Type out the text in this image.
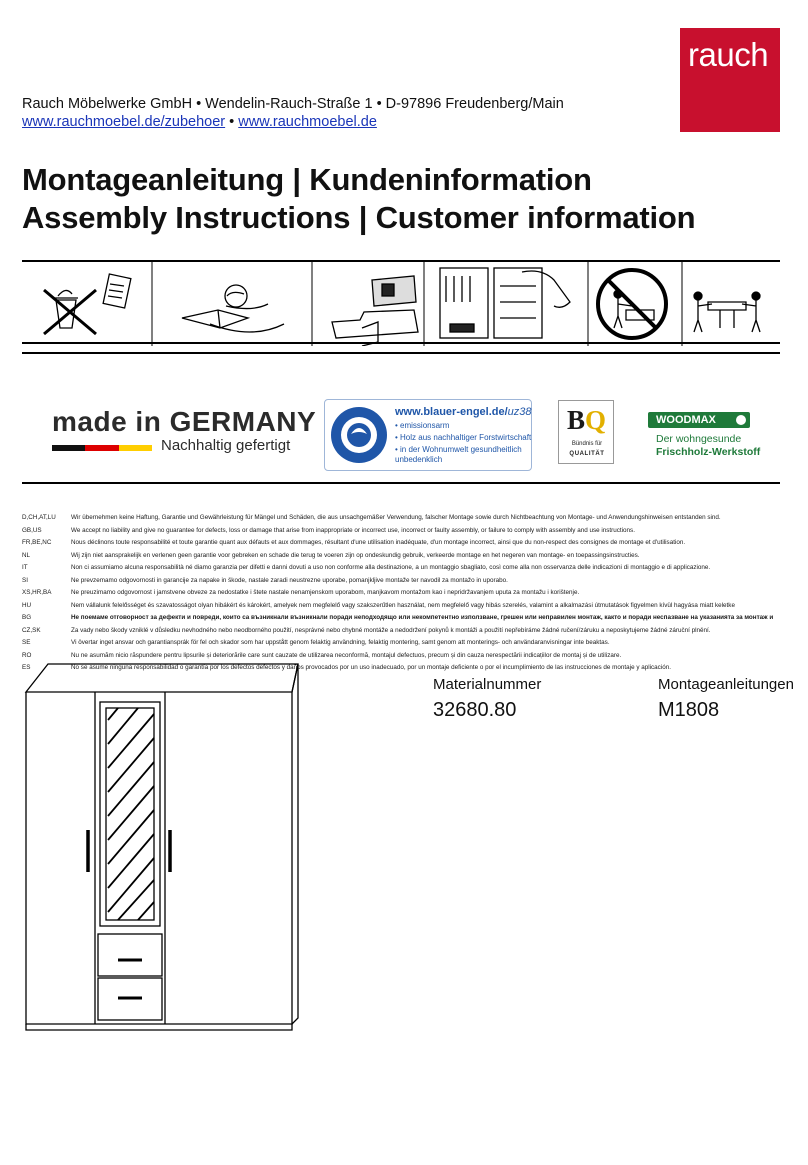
rauch
Rauch Möbelwerke GmbH • Wendelin-Rauch-Straße 1 • D-97896 Freudenberg/Main
www.rauchmoebel.de/zubehoer • www.rauchmoebel.de
Montageanleitung | Kundeninformation
Assembly Instructions | Customer information
made in GERMANY
Nachhaltig gefertigt
www.blauer-engel.de/uz38
• emissionsarm
• Holz aus nachhaltiger Forstwirtschaft
• in der Wohnumwelt gesundheitlich
unbedenklich
BQ
Bündnis für
QUALITÄT
WOODMAX
Der wohngesunde
Frischholz-Werkstoff
D,CH,AT,LU Wir übernehmen keine Haftung, Garantie und Gewährleistung für Mängel und Schäden, die aus unsachgemäßer Verwendung, falscher Montage sowie durch Nichtbeachtung von Montage- und Anwendungshinweisen entstanden sind.
GB,US	We accept no liability and give no guarantee for defects, loss or damage that arise from inappropriate or incorrect use, incorrect or faulty assembly, or failure to comply with assembly and use instructions.
FR,BE,NC	Nous déclinons toute responsabilité et toute garantie quant aux défauts et aux dommages, résultant d'une utilisation inadéquate, d'un montage incorrect, ainsi que du non-respect des consignes de montage et d'utilisation.
NL	Wij zijn niet aansprakelijk en verlenen geen garantie voor gebreken en schade die terug te voeren zijn op ondeskundig gebruik, verkeerde montage en het negeren van montage- en toepassingsinstructies.
IT	Non ci assumiamo alcuna responsabilità né diamo garanzia per difetti e danni dovuti a uso non conforme alla destinazione, a un montaggio sbagliato, così come alla non osservanza delle indicazioni di montaggio e di applicazione.
SI	Ne prevzemamo odgovornosti in garancije za napake in škode, nastale zaradi neustrezne uporabe, pomanjkljive montaže ter navodil za montažo in uporabo.
XS,HR,BA	Ne preuzimamo odgovornost i jamstvene obveze za nedostatke i štete nastale nenamjenskom uporabom, manjkavom montažom kao i nepridržavanjem uputa za montažu i korištenje.
HU	Nem vállalunk felelősséget és szavatosságot olyan hibákért és károkért, amelyek nem megfelelő vagy szakszerűtlen használat, nem megfelelő vagy hibás szerelés, valamint a alkalmazási útmutatások figyelmen kívül hagyása miatt keletke
BG	Не поемаме отговорност за дефекти и повреди, които са възникнали възникнали поради неподходящо или некомпетентно използване, грешен или неправилен монтаж, както и поради неспазване на указанията за монтаж и
CZ,SK	Za vady nebo škody vzniklé v důsledku nevhodného nebo neodborného použití, nesprávné nebo chybné montáže a nedodržení pokynů k montáži a použití nepřebíráme žádné ručení/záruku a neposkytujeme žádné záruční plnění.
SE	Vi övertar inget ansvar och garantiansprák för fel och skador som har uppstått genom felaktig användning, felaktig montering, samt genom att monterings- och användaranvisningar inte beaktas.
RO	Nu ne asumăm nicio răspundere pentru lipsurile și deteriorările care sunt cauzate de utilizarea neconformă, montajul defectuos, precum și din cauza nerespectării indicațiilor de montaj și de utilizare.
ES	No se asume ninguna responsabilidad o garantía por los defectos defectos y daños provocados por un uso inadecuado, por un montaje deficiente o por el incumplimiento de las instrucciones de montaje y aplicación.
Materialnummer
32680.80
Montageanleitungen
M1808
